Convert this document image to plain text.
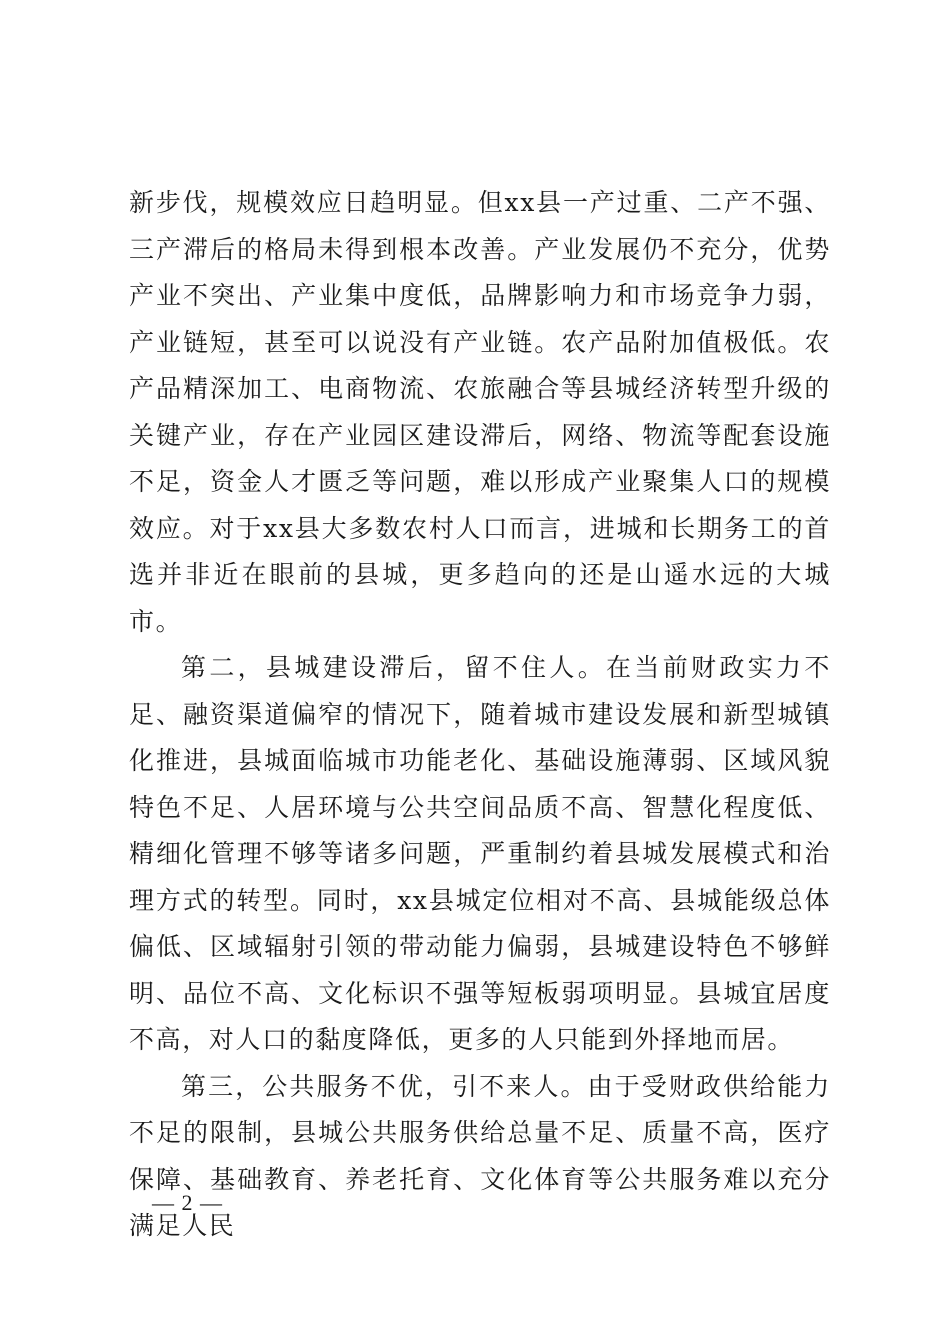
新步伐，规模效应日趋明显。但xx县一产过重、二产不强、三产滞后的格局未得到根本改善。产业发展仍不充分，优势产业不突出、产业集中度低，品牌影响力和市场竞争力弱，产业链短，甚至可以说没有产业链。农产品附加值极低。农产品精深加工、电商物流、农旅融合等县城经济转型升级的关键产业，存在产业园区建设滞后，网络、物流等配套设施不足，资金人才匮乏等问题，难以形成产业聚集人口的规模效应。对于xx县大多数农村人口而言，进城和长期务工的首选并非近在眼前的县城，更多趋向的还是山遥水远的大城市。

第二，县城建设滞后，留不住人。在当前财政实力不足、融资渠道偏窄的情况下，随着城市建设发展和新型城镇化推进，县城面临城市功能老化、基础设施薄弱、区域风貌特色不足、人居环境与公共空间品质不高、智慧化程度低、精细化管理不够等诸多问题，严重制约着县城发展模式和治理方式的转型。同时，xx县城定位相对不高、县城能级总体偏低、区域辐射引领的带动能力偏弱，县城建设特色不够鲜明、品位不高、文化标识不强等短板弱项明显。县城宜居度不高，对人口的黏度降低，更多的人只能到外择地而居。

第三，公共服务不优，引不来人。由于受财政供给能力不足的限制，县城公共服务供给总量不足、质量不高，医疗保障、基础教育、养老托育、文化体育等公共服务难以充分满足人民

— 2 —
